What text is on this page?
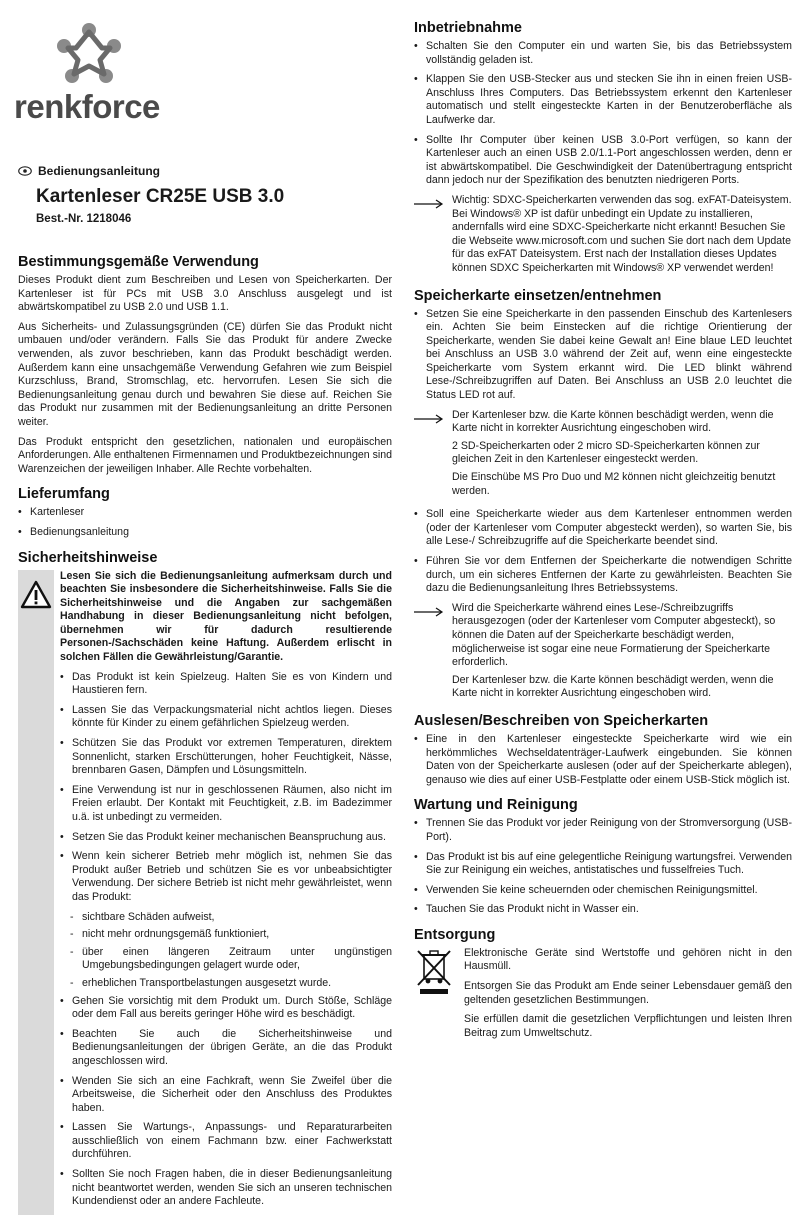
renkforce
Bedienungsanleitung
Kartenleser CR25E USB 3.0
Best.-Nr. 1218046
Bestimmungsgemäße Verwendung

Dieses Produkt dient zum Beschreiben und Lesen von Speicherkarten. Der Kartenleser ist für PCs mit USB 3.0 Anschluss ausgelegt und ist abwärtskompatibel zu USB 2.0 und USB 1.1.

Aus Sicherheits- und Zulassungsgründen (CE) dürfen Sie das Produkt nicht umbauen und/oder verändern. Falls Sie das Produkt für andere Zwecke verwenden, als zuvor beschrieben, kann das Produkt beschädigt werden. Außerdem kann eine unsachgemäße Verwendung Gefahren wie zum Beispiel Kurzschluss, Brand, Stromschlag, etc. hervorrufen. Lesen Sie sich die Bedienungsanleitung genau durch und bewahren Sie diese auf. Reichen Sie das Produkt nur zusammen mit der Bedienungsanleitung an dritte Personen weiter.

Das Produkt entspricht den gesetzlichen, nationalen und europäischen Anforderungen. Alle enthaltenen Firmennamen und Produktbezeichnungen sind Warenzeichen der jeweiligen Inhaber. Alle Rechte vorbehalten.

Lieferumfang
• Kartenleser
• Bedienungsanleitung
Sicherheitshinweise

Lesen Sie sich die Bedienungsanleitung aufmerksam durch und beachten Sie insbesondere die Sicherheitshinweise. Falls Sie die Sicherheitshinweise und die Angaben zur sachgemäßen Handhabung in dieser Bedienungsanleitung nicht befolgen, übernehmen wir für dadurch resultierende Personen-/Sachschäden keine Haftung. Außerdem erlischt in solchen Fällen die Gewährleistung/Garantie.

• Das Produkt ist kein Spielzeug. Halten Sie es von Kindern und Haustieren fern.
• Lassen Sie das Verpackungsmaterial nicht achtlos liegen. Dieses könnte für Kinder zu einem gefährlichen Spielzeug werden.
• Schützen Sie das Produkt vor extremen Temperaturen, direktem Sonnenlicht, starken Erschütterungen, hoher Feuchtigkeit, Nässe, brennbaren Gasen, Dämpfen und Lösungsmitteln.
• Eine Verwendung ist nur in geschlossenen Räumen, also nicht im Freien erlaubt. Der Kontakt mit Feuchtigkeit, z.B. im Badezimmer u.ä. ist unbedingt zu vermeiden.
• Setzen Sie das Produkt keiner mechanischen Beanspruchung aus.
• Wenn kein sicherer Betrieb mehr möglich ist, nehmen Sie das Produkt außer Betrieb und schützen Sie es vor unbeabsichtigter Verwendung. Der sichere Betrieb ist nicht mehr gewährleistet, wenn das Produkt:
- sichtbare Schäden aufweist,
- nicht mehr ordnungsgemäß funktioniert,
- über einen längeren Zeitraum unter ungünstigen Umgebungsbedingungen gelagert wurde oder,
- erheblichen Transportbelastungen ausgesetzt wurde.
• Gehen Sie vorsichtig mit dem Produkt um. Durch Stöße, Schläge oder dem Fall aus bereits geringer Höhe wird es beschädigt.
• Beachten Sie auch die Sicherheitshinweise und Bedienungsanleitungen der übrigen Geräte, an die das Produkt angeschlossen wird.
• Wenden Sie sich an eine Fachkraft, wenn Sie Zweifel über die Arbeitsweise, die Sicherheit oder den Anschluss des Produktes haben.
• Lassen Sie Wartungs-, Anpassungs- und Reparaturarbeiten ausschließlich von einem Fachmann bzw. einer Fachwerkstatt durchführen.
• Sollten Sie noch Fragen haben, die in dieser Bedienungsanleitung nicht beantwortet werden, wenden Sie sich an unseren technischen Kundendienst oder an andere Fachleute.
Inbetriebnahme
• Schalten Sie den Computer ein und warten Sie, bis das Betriebssystem vollständig geladen ist.
• Klappen Sie den USB-Stecker aus und stecken Sie ihn in einen freien USB-Anschluss Ihres Computers. Das Betriebssystem erkennt den Kartenleser automatisch und stellt eingesteckte Karten in der Benutzeroberfläche als Laufwerke dar.
• Sollte Ihr Computer über keinen USB 3.0-Port verfügen, so kann der Kartenleser auch an einen USB 2.0/1.1-Port angeschlossen werden, denn er ist abwärtskompatibel. Die Geschwindigkeit der Datenübertragung entspricht dann jedoch nur der Spezifikation des benutzten niedrigeren Ports.

Wichtig: SDXC-Speicherkarten verwenden das sog. exFAT-Dateisystem. Bei Windows® XP ist dafür unbedingt ein Update zu installieren, andernfalls wird eine SDXC-Speicherkarte nicht erkannt! Besuchen Sie die Webseite www.microsoft.com und suchen Sie dort nach dem Update für das exFAT Dateisystem. Erst nach der Installation dieses Updates können SDXC Speicherkarten mit Windows® XP verwendet werden!

Speicherkarte einsetzen/entnehmen
• Setzen Sie eine Speicherkarte in den passenden Einschub des Kartenlesers ein. Achten Sie beim Einstecken auf die richtige Orientierung der Speicherkarte, wenden Sie dabei keine Gewalt an! Eine blaue LED leuchtet bei Anschluss an USB 3.0 während der Zeit auf, wenn eine eingesteckte Speicherkarte vom System erkannt wird. Die LED blinkt während Lese-/Schreibzugriffen auf Daten. Bei Anschluss an USB 2.0 leuchtet die Status LED rot auf.

Der Kartenleser bzw. die Karte können beschädigt werden, wenn die Karte nicht in korrekter Ausrichtung eingeschoben wird.

2 SD-Speicherkarten oder 2 micro SD-Speicherkarten können zur gleichen Zeit in den Kartenleser eingesteckt werden.

Die Einschübe MS Pro Duo und M2 können nicht gleichzeitig benutzt werden.

• Soll eine Speicherkarte wieder aus dem Kartenleser entnommen werden (oder der Kartenleser vom Computer abgesteckt werden), so warten Sie, bis alle Lese-/ Schreibzugriffe auf die Speicherkarte beendet sind.
• Führen Sie vor dem Entfernen der Speicherkarte die notwendigen Schritte durch, um ein sicheres Entfernen der Karte zu gewährleisten. Beachten Sie dazu die Bedienungsanleitung Ihres Betriebssystems.

Wird die Speicherkarte während eines Lese-/Schreibzugriffs herausgezogen (oder der Kartenleser vom Computer abgesteckt), so können die Daten auf der Speicherkarte beschädigt werden, möglicherweise ist sogar eine neue Formatierung der Speicherkarte erforderlich.

Der Kartenleser bzw. die Karte können beschädigt werden, wenn die Karte nicht in korrekter Ausrichtung eingeschoben wird.

Auslesen/Beschreiben von Speicherkarten
• Eine in den Kartenleser eingesteckte Speicherkarte wird wie ein herkömmliches Wechseldatenträger-Laufwerk eingebunden. Sie können Daten von der Speicherkarte auslesen (oder auf der Speicherkarte ablegen), genauso wie dies auf einer USB-Festplatte oder einem USB-Stick möglich ist.
Wartung und Reinigung
• Trennen Sie das Produkt vor jeder Reinigung von der Stromversorgung (USB-Port).
• Das Produkt ist bis auf eine gelegentliche Reinigung wartungsfrei. Verwenden Sie zur Reinigung ein weiches, antistatisches und fusselfreies Tuch.
• Verwenden Sie keine scheuernden oder chemischen Reinigungsmittel.
• Tauchen Sie das Produkt nicht in Wasser ein.
Entsorgung

Elektronische Geräte sind Wertstoffe und gehören nicht in den Hausmüll.

Entsorgen Sie das Produkt am Ende seiner Lebensdauer gemäß den geltenden gesetzlichen Bestimmungen.

Sie erfüllen damit die gesetzlichen Verpflichtungen und leisten Ihren Beitrag zum Umweltschutz.
